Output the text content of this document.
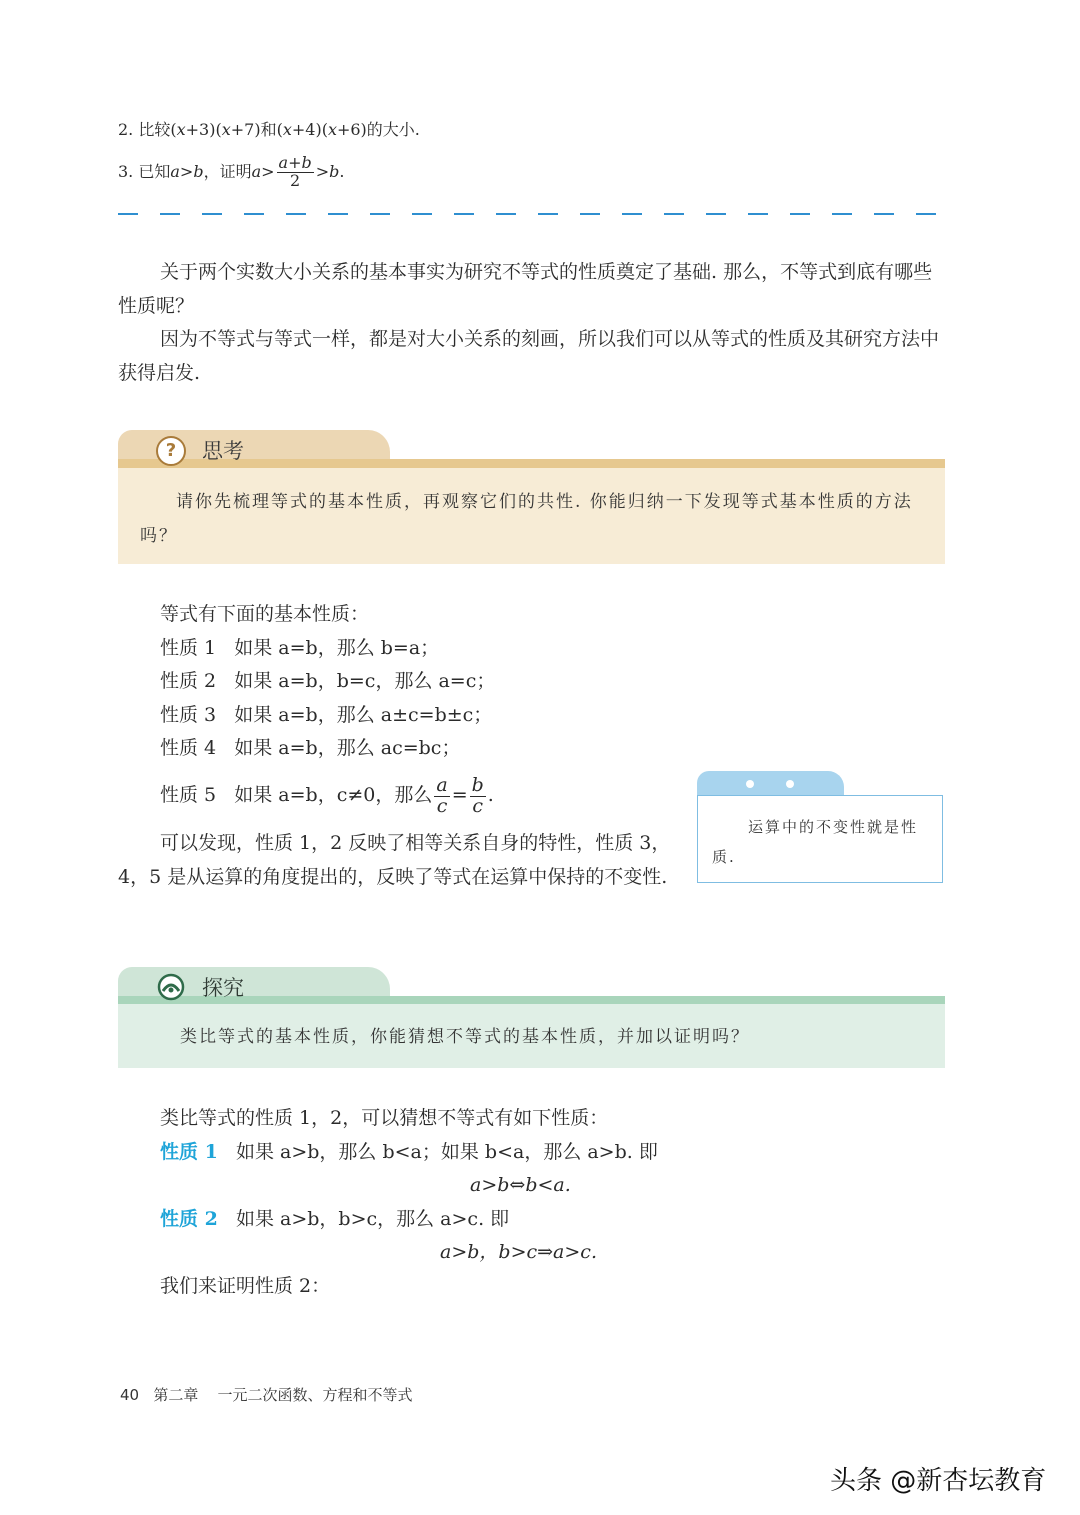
2. 比较(x+3)(x+7)和(x+4)(x+6)的大小.
3. 已知a>b，证明$a> \frac{a+b}{2} >b$.
关于两个实数大小关系的基本事实为研究不等式的性质奠定了基础. 那么，不等式到底有哪些性质呢？
因为不等式与等式一样，都是对大小关系的刻画，所以我们可以从等式的性质及其研究方法中获得启发.
?	思考
请你先梳理等式的基本性质，再观察它们的共性. 你能归纳一下发现等式基本性质的方法吗？
等式有下面的基本性质：
性质 1 如果 a=b，那么 b=a；
性质 2 如果 a=b，b=c，那么 a=c；
性质 3 如果 a=b，那么 a±c=b±c；
性质 4 如果 a=b，那么 ac=bc；
性质 5 如果 a=b，c≠0，那么 $\frac{a}{c} = \frac{b}{c}$ .
可以发现，性质 1，2 反映了相等关系自身的特性，性质 3，4，5 是从运算的角度提出的，反映了等式在运算中保持的不变性.
运算中的不变性就是性质.
探究
类比等式的基本性质，你能猜想不等式的基本性质，并加以证明吗？
类比等式的性质 1，2，可以猜想不等式有如下性质：
性质 1 如果 a>b，那么 b<a；如果 b<a，那么 a>b. 即
a>b⇔b<a.
性质 2 如果 a>b，b>c，那么 a>c. 即
a>b，b>c⇒a>c.
我们来证明性质 2：
40 第二章 一元二次函数、方程和不等式
头条 @新杏坛教育
